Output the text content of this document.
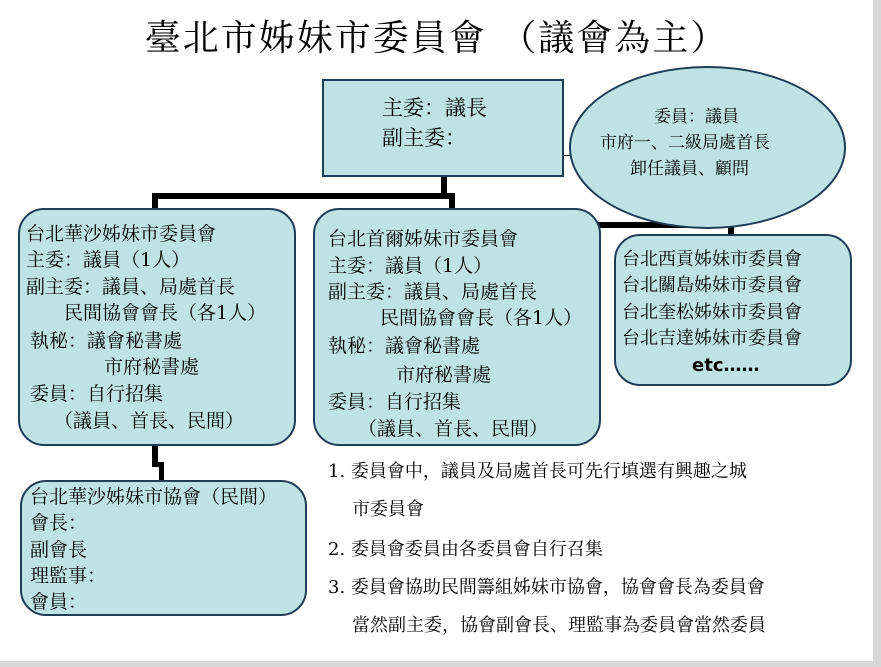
臺北市姊妹市委員會 （議會為主）
主委：議長
副主委：
委員：議員
市府一、二級局處首長
卸任議員、顧問
台北華沙姊妹市委員會
主委：議員（1人）
副主委：議員、局處首長
民間協會會長（各1人）
執秘：議會秘書處
市府秘書處
委員：自行招集
（議員、首長、民間）
台北首爾姊妹市委員會
主委：議員（1人）
副主委：議員、局處首長
民間協會會長（各1人）
執秘：議會秘書處
市府秘書處
委員：自行招集
（議員、首長、民間）
台北西貢姊妹市委員會
台北關島姊妹市委員會
台北奎松姊妹市委員會
台北吉達姊妹市委員會
etc……
台北華沙姊妹市協會（民間）
會長：
副會長
理監事：
會員：
1. 委員會中，議員及局處首長可先行填選有興趣之城
市委員會
2. 委員會委員由各委員會自行召集
3. 委員會協助民間籌組姊妹市協會，協會會長為委員會
當然副主委，協會副會長、理監事為委員會當然委員
